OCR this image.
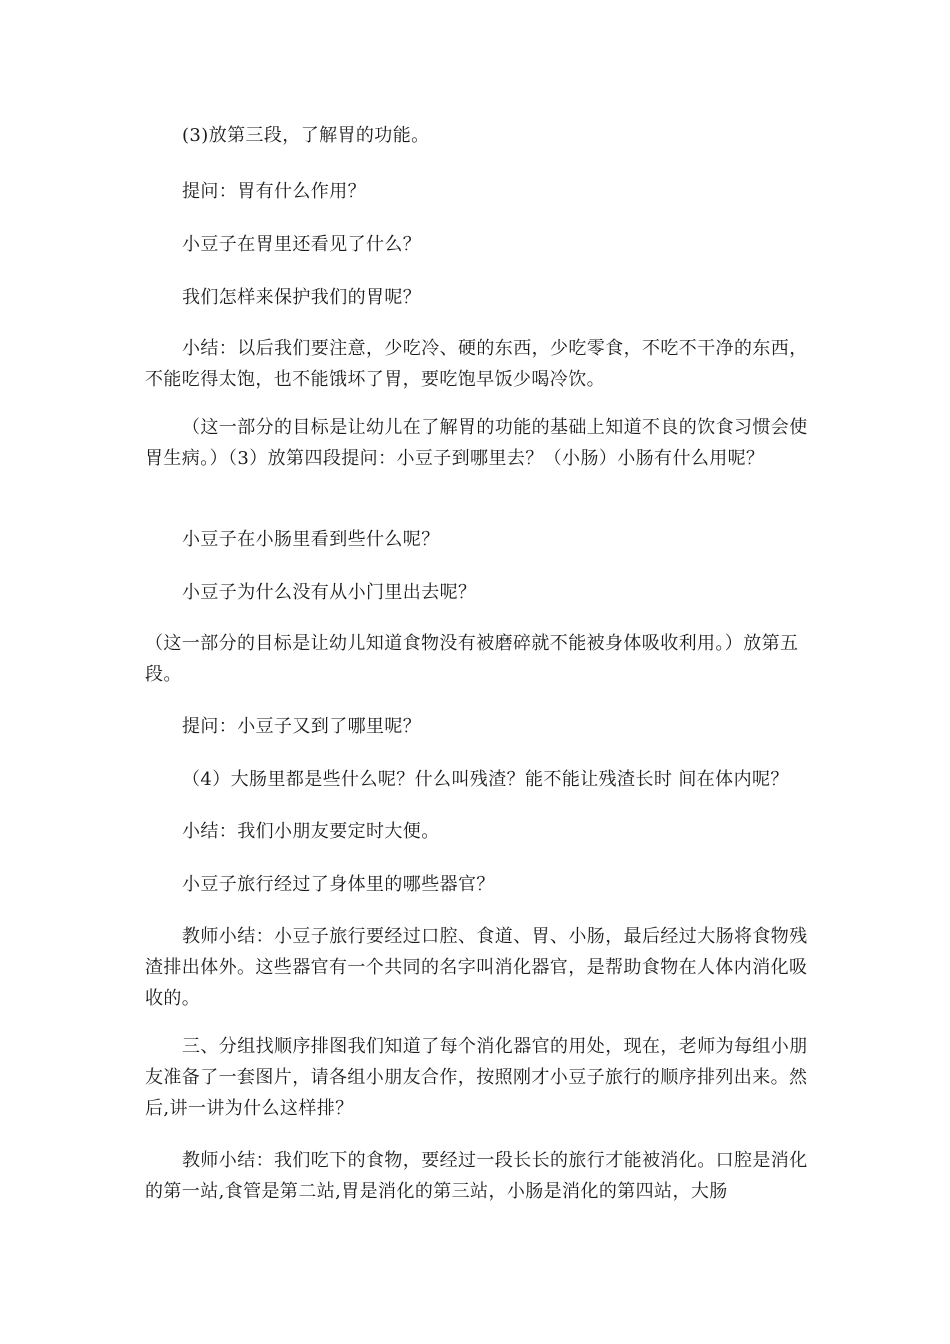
(3)放第三段，了解胃的功能。

提问：胃有什么作用？

小豆子在胃里还看见了什么？

我们怎样来保护我们的胃呢？

小结：以后我们要注意，少吃冷、硬的东西，少吃零食，不吃不干净的东西，不能吃得太饱，也不能饿坏了胃，要吃饱早饭少喝冷饮。

（这一部分的目标是让幼儿在了解胃的功能的基础上知道不良的饮食习惯会使胃生病。）（3）放第四段提问：小豆子到哪里去？（小肠）小肠有什么用呢？

小豆子在小肠里看到些什么呢？

小豆子为什么没有从小门里出去呢？

（这一部分的目标是让幼儿知道食物没有被磨碎就不能被身体吸收利用。）放第五段。

提问：小豆子又到了哪里呢？

（4）大肠里都是些什么呢？什么叫残渣？能不能让残渣长时 间在体内呢？

小结：我们小朋友要定时大便。

小豆子旅行经过了身体里的哪些器官？

教师小结：小豆子旅行要经过口腔、食道、胃、小肠，最后经过大肠将食物残渣排出体外。这些器官有一个共同的名字叫消化器官，是帮助食物在人体内消化吸收的。

三、分组找顺序排图我们知道了每个消化器官的用处，现在，老师为每组小朋友准备了一套图片，请各组小朋友合作，按照刚才小豆子旅行的顺序排列出来。然后,讲一讲为什么这样排？

教师小结：我们吃下的食物，要经过一段长长的旅行才能被消化。口腔是消化的第一站,食管是第二站,胃是消化的第三站，小肠是消化的第四站，大肠
